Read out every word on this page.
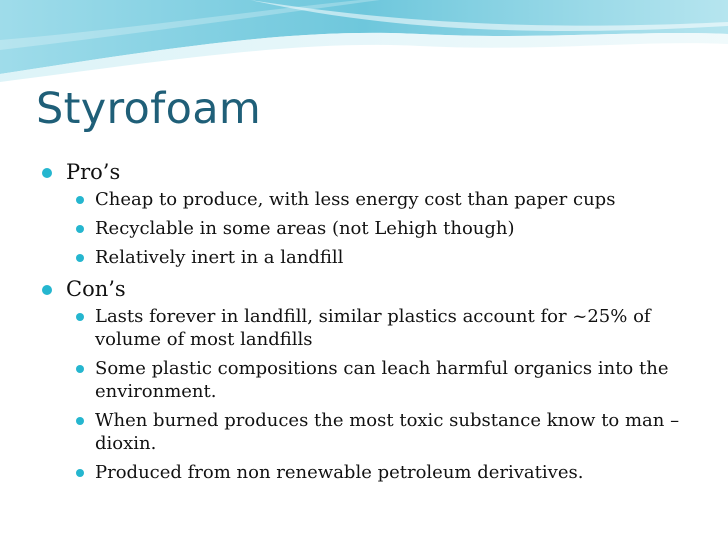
Styrofoam
Pro’s
Cheap to produce, with less energy cost than paper cups
Recyclable in some areas (not Lehigh though)
Relatively inert in a landfill
Con’s
Lasts forever in landfill, similar plastics account for ~25% of volume of most landfills
Some plastic compositions can leach harmful organics into the environment.
When burned produces the most toxic substance know to man – dioxin.
Produced from non renewable petroleum derivatives.
